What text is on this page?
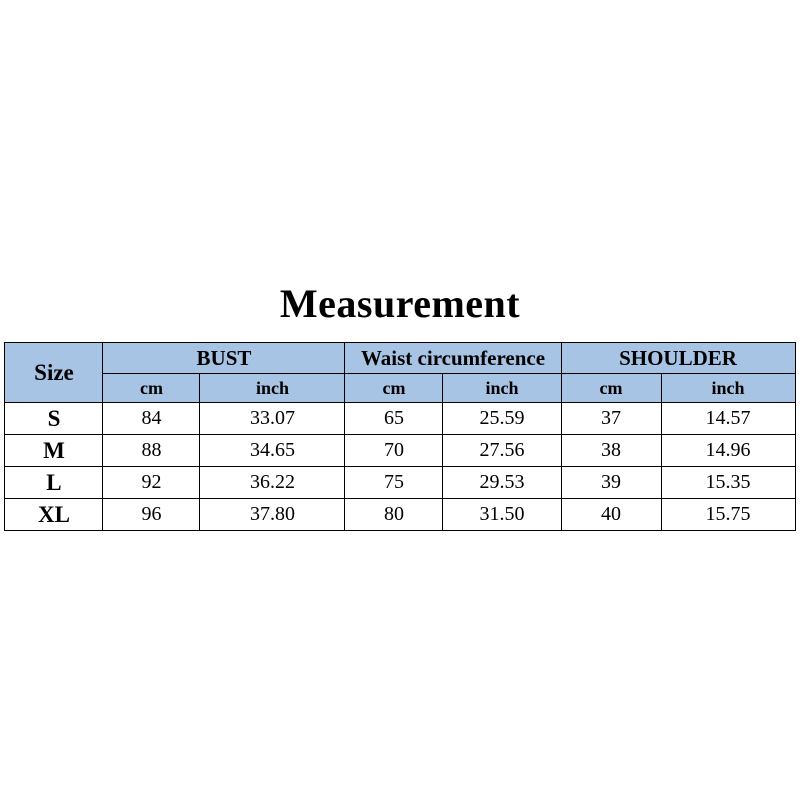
Measurement
Size	BUST		Waist circumference		SHOULDER	
	cm	inch	cm	inch	cm	inch
S	84	33.07	65	25.59	37	14.57
M	88	34.65	70	27.56	38	14.96
L	92	36.22	75	29.53	39	15.35
XL	96	37.80	80	31.50	40	15.75
